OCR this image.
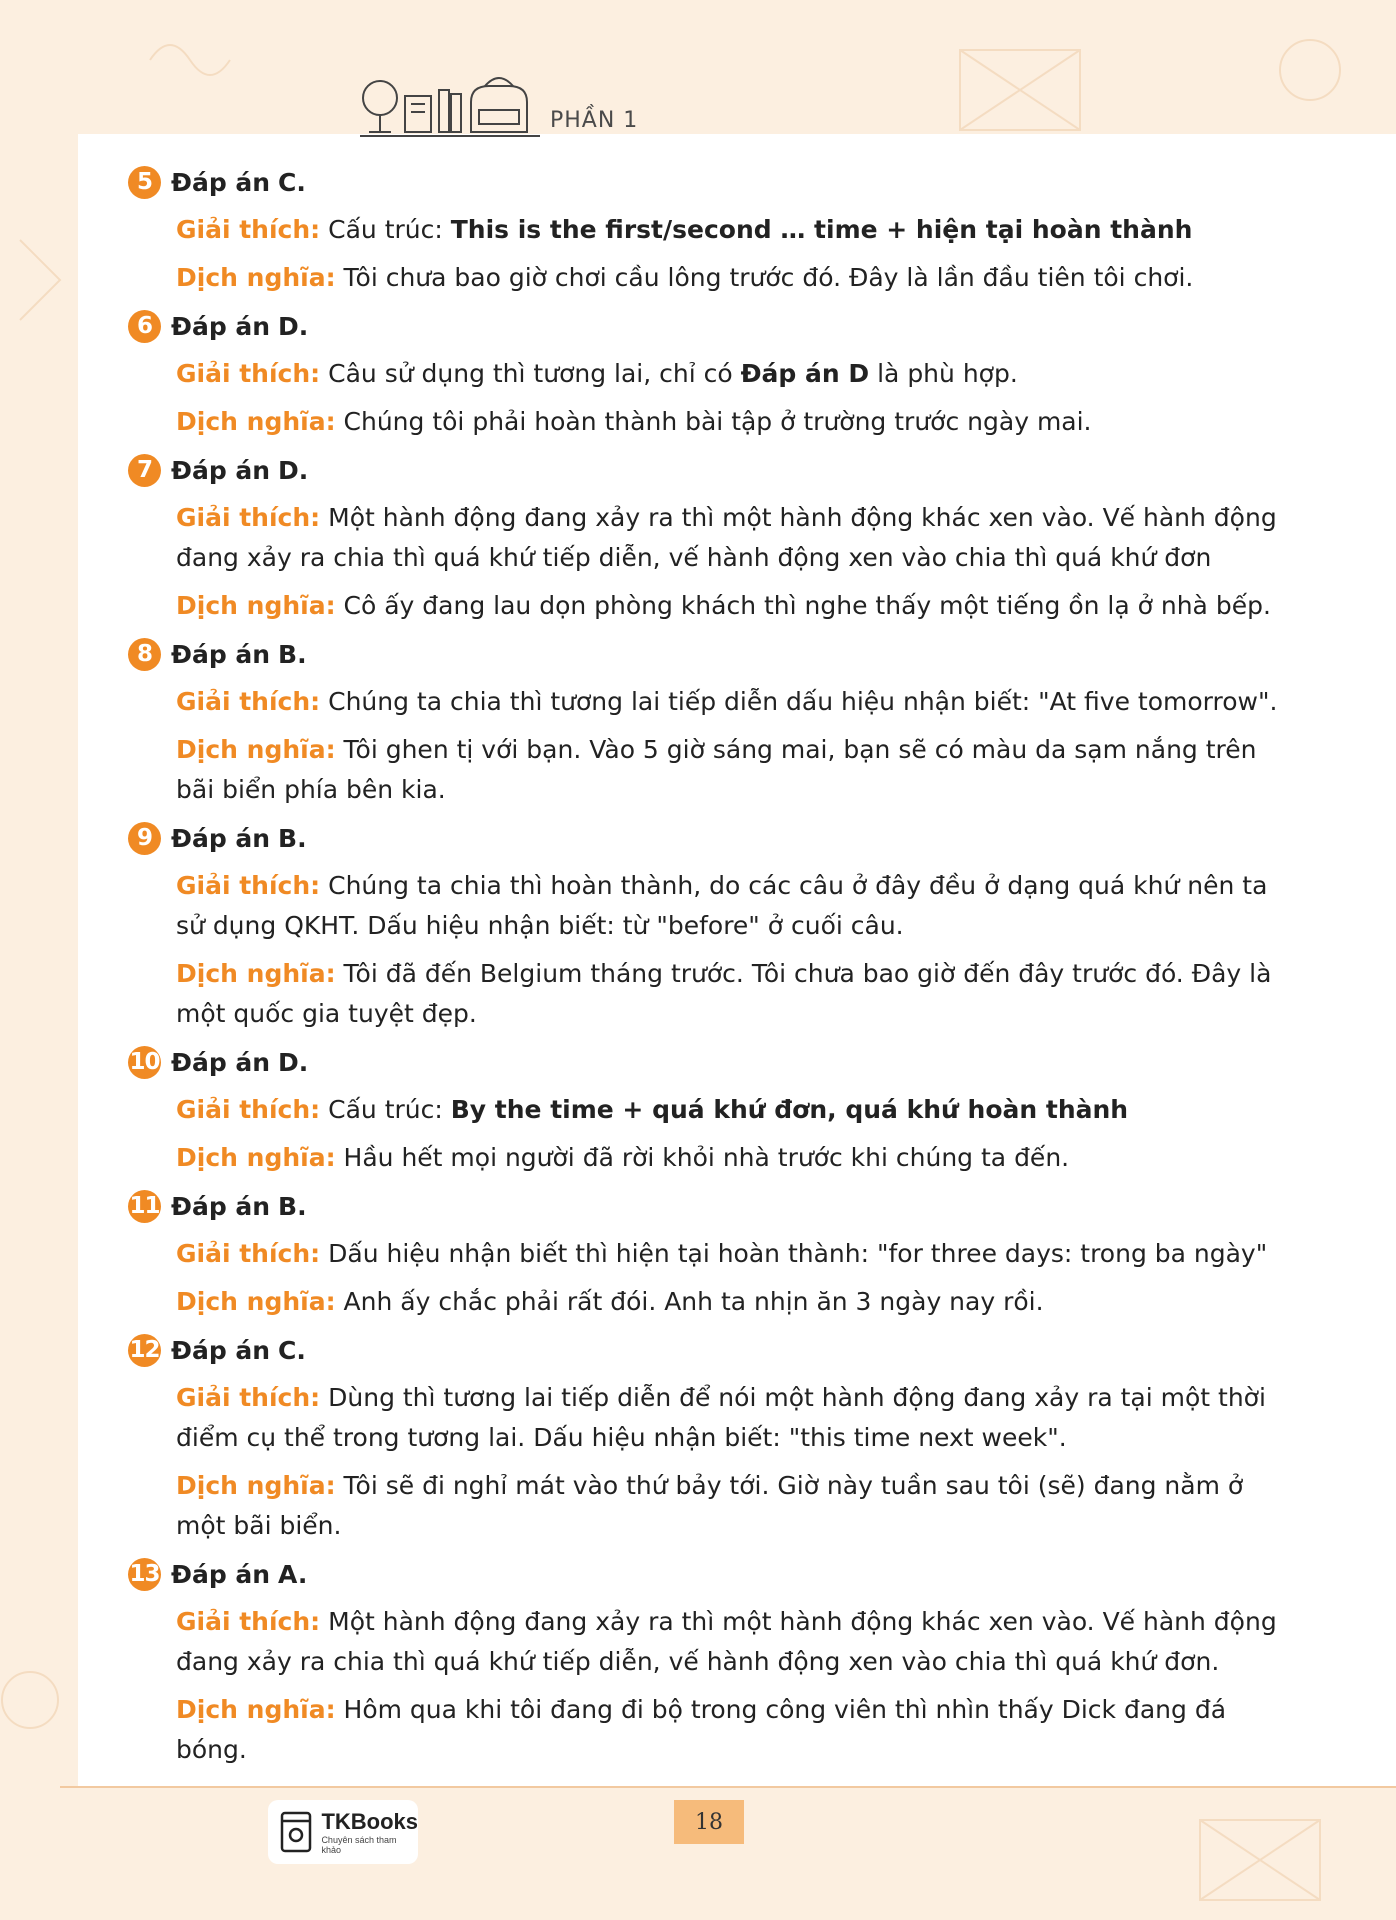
PHẦN 1
5 Đáp án
C.
Giải thích: Cấu trúc: This is the first/second … time + hiện tại hoàn thành
Dịch nghĩa: Tôi chưa bao giờ chơi cầu lông trước đó. Đây là lần đầu tiên tôi chơi.
6 Đáp án
D.
Giải thích: Câu sử dụng thì tương lai, chỉ có Đáp án D là phù hợp.
Dịch nghĩa: Chúng tôi phải hoàn thành bài tập ở trường trước ngày mai.
7 Đáp án
D.
Giải thích: Một hành động đang xảy ra thì một hành động khác xen vào. Vế hành động đang xảy ra chia thì quá khứ tiếp diễn, vế hành động xen vào chia thì quá khứ đơn
Dịch nghĩa: Cô ấy đang lau dọn phòng khách thì nghe thấy một tiếng ồn lạ ở nhà bếp.
8 Đáp án
B.
Giải thích: Chúng ta chia thì tương lai tiếp diễn dấu hiệu nhận biết: "At five tomorrow".
Dịch nghĩa: Tôi ghen tị với bạn. Vào 5 giờ sáng mai, bạn sẽ có màu da sạm nắng trên bãi biển phía bên kia.
9 Đáp án
B.
Giải thích: Chúng ta chia thì hoàn thành, do các câu ở đây đều ở dạng quá khứ nên ta sử dụng QKHT. Dấu hiệu nhận biết: từ "before" ở cuối câu.
Dịch nghĩa: Tôi đã đến Belgium tháng trước. Tôi chưa bao giờ đến đây trước đó. Đây là một quốc gia tuyệt đẹp.
10 Đáp án
D.
Giải thích: Cấu trúc: By the time + quá khứ đơn, quá khứ hoàn thành
Dịch nghĩa: Hầu hết mọi người đã rời khỏi nhà trước khi chúng ta đến.
11 Đáp án
B.
Giải thích: Dấu hiệu nhận biết thì hiện tại hoàn thành: "for three days: trong ba ngày"
Dịch nghĩa: Anh ấy chắc phải rất đói. Anh ta nhịn ăn 3 ngày nay rồi.
12 Đáp án
C.
Giải thích: Dùng thì tương lai tiếp diễn để nói một hành động đang xảy ra tại một thời điểm cụ thể trong tương lai. Dấu hiệu nhận biết: "this time next week".
Dịch nghĩa: Tôi sẽ đi nghỉ mát vào thứ bảy tới. Giờ này tuần sau tôi (sẽ) đang nằm ở một bãi biển.
13 Đáp án
A.
Giải thích: Một hành động đang xảy ra thì một hành động khác xen vào. Vế hành động đang xảy ra chia thì quá khứ tiếp diễn, vế hành động xen vào chia thì quá khứ đơn.
Dịch nghĩa: Hôm qua khi tôi đang đi bộ trong công viên thì nhìn thấy Dick đang đá bóng.
TKBooks
Chuyên sách tham khảo
18
